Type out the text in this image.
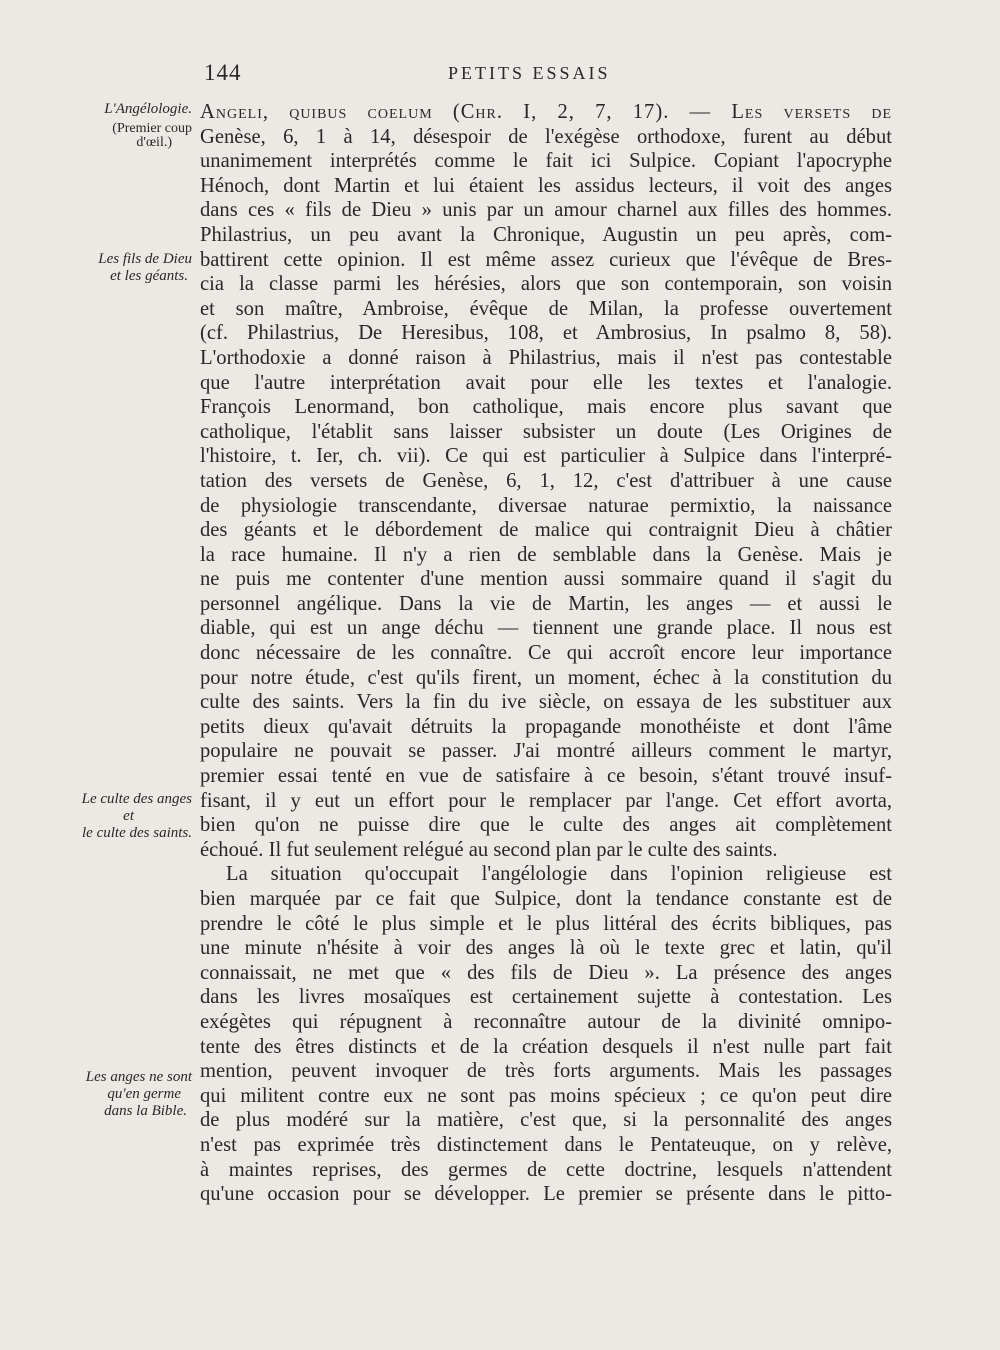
144	PETITS ESSAIS
L'Angélologie.
(Premier coup
d'œil.)
Les fils de Dieu
et les géants.
Le culte des anges
et
le culte des saints.
Les anges ne sont
qu'en germe
dans la Bible.
Angeli, quibus coelum (Chr. I, 2, 7, 17). — Les versets de
Genèse, 6, 1 à 14, désespoir de l'exégèse orthodoxe, furent au début
unanimement interprétés comme le fait ici Sulpice. Copiant l'apocryphe
Hénoch, dont Martin et lui étaient les assidus lecteurs, il voit des anges
dans ces « fils de Dieu » unis par un amour charnel aux filles des hommes.
Philastrius, un peu avant la Chronique, Augustin un peu après, com-
battirent cette opinion. Il est même assez curieux que l'évêque de Bres-
cia la classe parmi les hérésies, alors que son contemporain, son voisin
et son maître, Ambroise, évêque de Milan, la professe ouvertement
(cf. Philastrius, De Heresibus, 108, et Ambrosius, In psalmo 8, 58).
L'orthodoxie a donné raison à Philastrius, mais il n'est pas contestable
que l'autre interprétation avait pour elle les textes et l'analogie.
François Lenormand, bon catholique, mais encore plus savant que
catholique, l'établit sans laisser subsister un doute (Les Origines de
l'histoire, t. Ier, ch. vii). Ce qui est particulier à Sulpice dans l'interpré-
tation des versets de Genèse, 6, 1, 12, c'est d'attribuer à une cause
de physiologie transcendante, diversae naturae permixtio, la naissance
des géants et le débordement de malice qui contraignit Dieu à châtier
la race humaine. Il n'y a rien de semblable dans la Genèse. Mais je
ne puis me contenter d'une mention aussi sommaire quand il s'agit du
personnel angélique. Dans la vie de Martin, les anges — et aussi le
diable, qui est un ange déchu — tiennent une grande place. Il nous est
donc nécessaire de les connaître. Ce qui accroît encore leur importance
pour notre étude, c'est qu'ils firent, un moment, échec à la constitution du
culte des saints. Vers la fin du ive siècle, on essaya de les substituer aux
petits dieux qu'avait détruits la propagande monothéiste et dont l'âme
populaire ne pouvait se passer. J'ai montré ailleurs comment le martyr,
premier essai tenté en vue de satisfaire à ce besoin, s'étant trouvé insuf-
fisant, il y eut un effort pour le remplacer par l'ange. Cet effort avorta,
bien qu'on ne puisse dire que le culte des anges ait complètement
échoué. Il fut seulement relégué au second plan par le culte des saints.
La situation qu'occupait l'angélologie dans l'opinion religieuse est
bien marquée par ce fait que Sulpice, dont la tendance constante est de
prendre le côté le plus simple et le plus littéral des écrits bibliques, pas
une minute n'hésite à voir des anges là où le texte grec et latin, qu'il
connaissait, ne met que « des fils de Dieu ». La présence des anges
dans les livres mosaïques est certainement sujette à contestation. Les
exégètes qui répugnent à reconnaître autour de la divinité omnipo-
tente des êtres distincts et de la création desquels il n'est nulle part fait
mention, peuvent invoquer de très forts arguments. Mais les passages
qui militent contre eux ne sont pas moins spécieux ; ce qu'on peut dire
de plus modéré sur la matière, c'est que, si la personnalité des anges
n'est pas exprimée très distinctement dans le Pentateuque, on y relève,
à maintes reprises, des germes de cette doctrine, lesquels n'attendent
qu'une occasion pour se développer. Le premier se présente dans le pitto-
